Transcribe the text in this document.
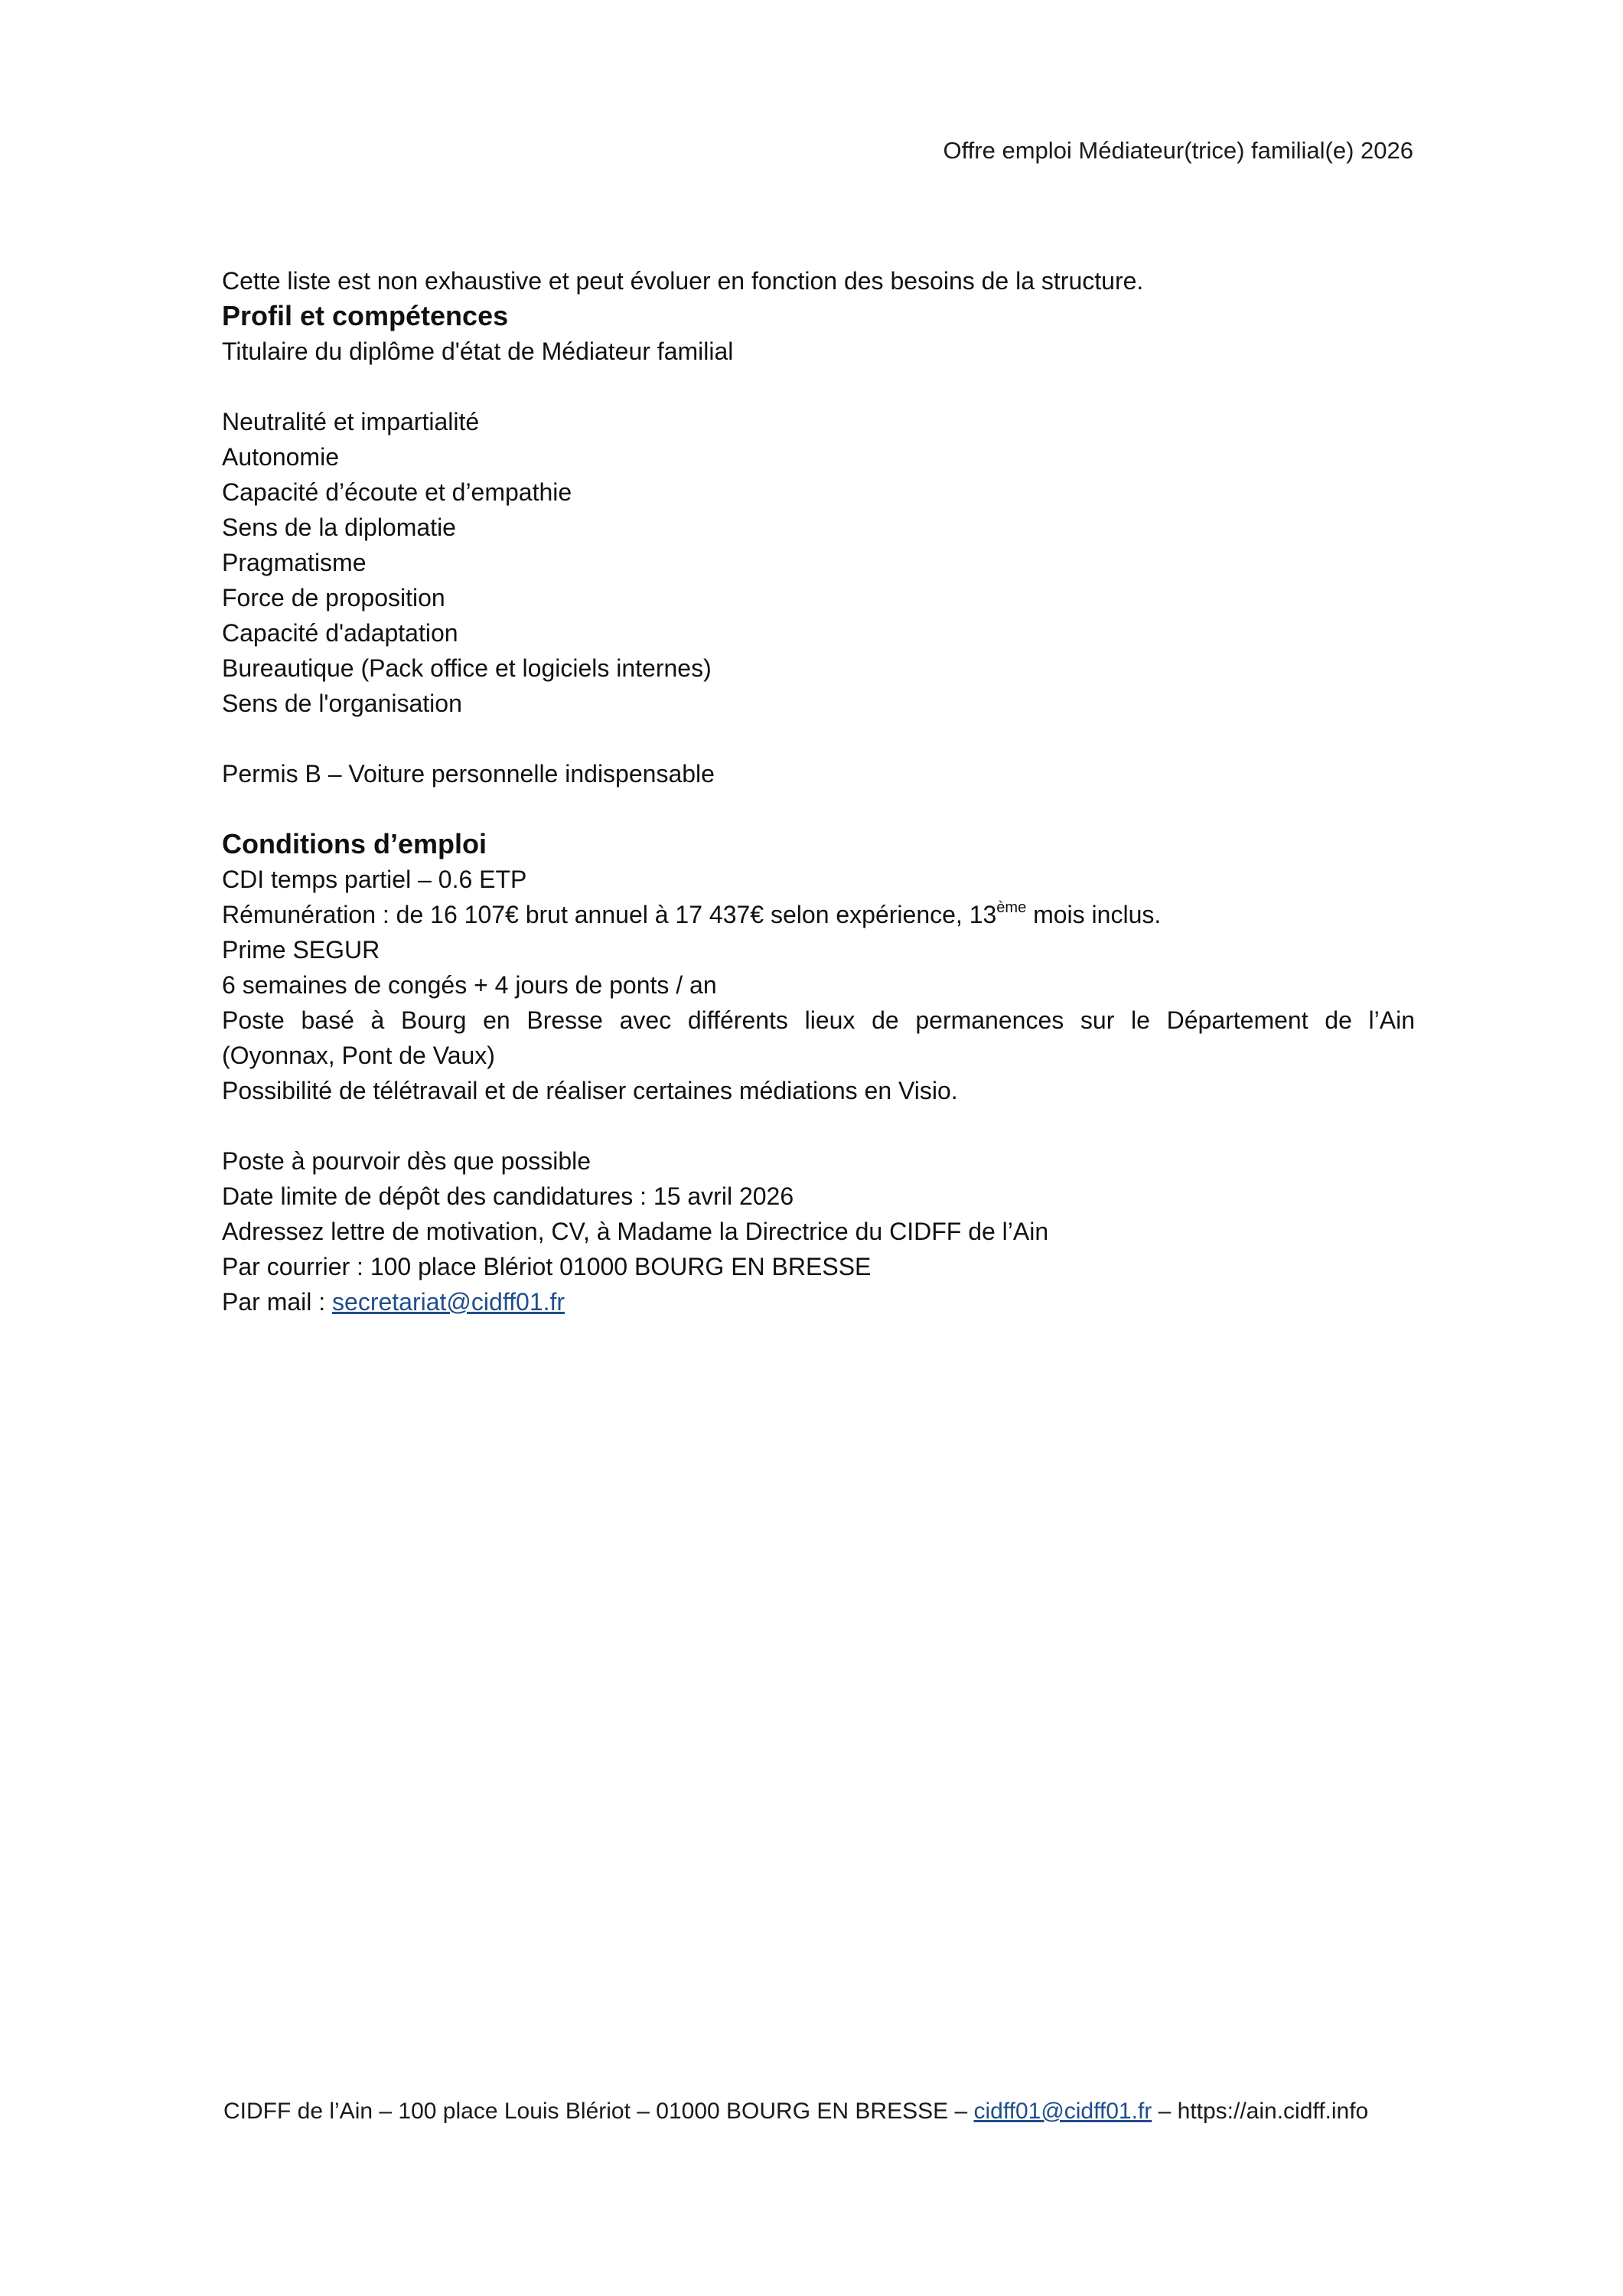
Offre emploi Médiateur(trice) familial(e) 2026

Cette liste est non exhaustive et peut évoluer en fonction des besoins de la structure.

Profil et compétences

Titulaire du diplôme d'état de Médiateur familial

Neutralité et impartialité
Autonomie
Capacité d’écoute et d’empathie
Sens de la diplomatie
Pragmatisme
Force de proposition
Capacité d'adaptation
Bureautique (Pack office et logiciels internes)
Sens de l'organisation

Permis B – Voiture personnelle indispensable

Conditions d’emploi

CDI temps partiel – 0.6 ETP

Rémunération : de 16 107€ brut annuel à 17 437€ selon expérience, 13ème mois inclus.

Prime SEGUR

6 semaines de congés + 4 jours de ponts / an

Poste basé à Bourg en Bresse avec différents lieux de permanences sur le Département de l’Ain

(Oyonnax, Pont de Vaux)

Possibilité de télétravail et de réaliser certaines médiations en Visio.

Poste à pourvoir dès que possible

Date limite de dépôt des candidatures : 15 avril 2026

Adressez lettre de motivation, CV, à Madame la Directrice du CIDFF de l’Ain

Par courrier : 100 place Blériot 01000 BOURG EN BRESSE

Par mail : secretariat@cidff01.fr

CIDFF de l’Ain – 100 place Louis Blériot – 01000 BOURG EN BRESSE – cidff01@cidff01.fr – https://ain.cidff.info
